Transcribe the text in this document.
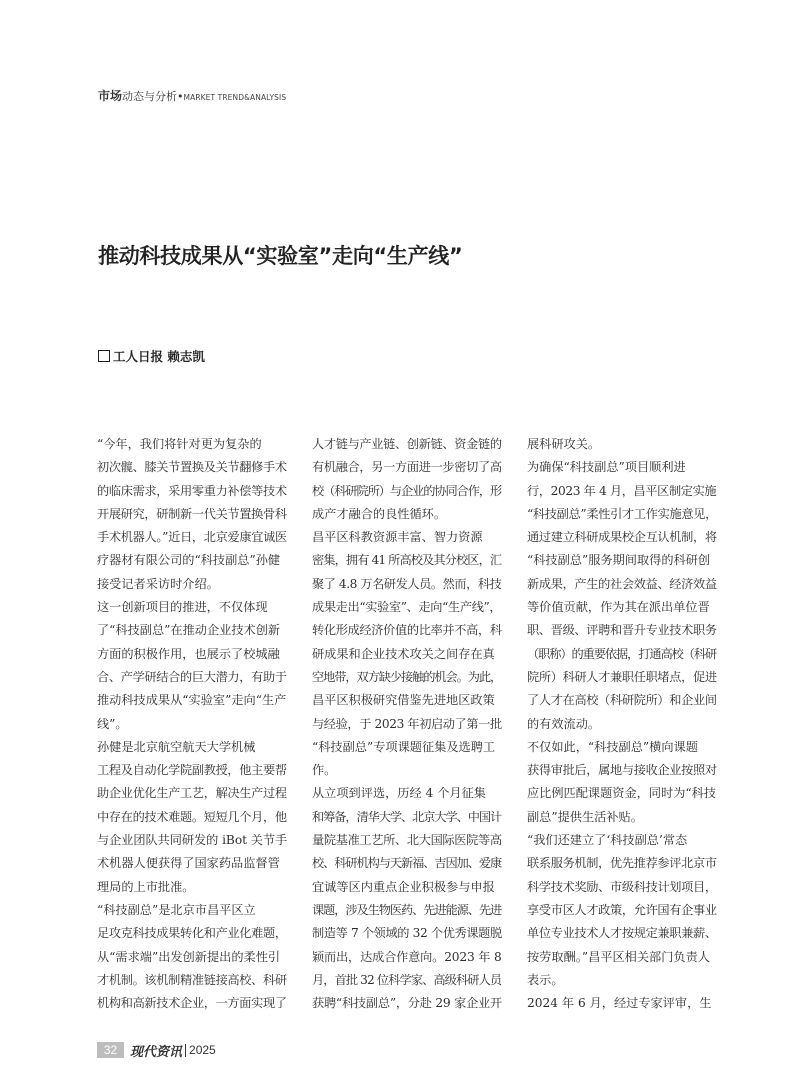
市场动态与分析•MARKET TREND&ANALYSIS
推动科技成果从“实验室”走向“生产线”
工人日报 赖志凯
“今年，我们将针对更为复杂的
初次髋、膝关节置换及关节翻修手术
的临床需求，采用零重力补偿等技术
开展研究，研制新一代关节置换骨科
手术机器人。”近日，北京爱康宜诚医
疗器材有限公司的“科技副总”孙健
接受记者采访时介绍。
这一创新项目的推进，不仅体现
了“科技副总”在推动企业技术创新
方面的积极作用，也展示了校城融
合、产学研结合的巨大潜力，有助于
推动科技成果从“实验室”走向“生产
线”。
孙健是北京航空航天大学机械
工程及自动化学院副教授，他主要帮
助企业优化生产工艺，解决生产过程
中存在的技术难题。短短几个月，他
与企业团队共同研发的 iBot 关节手
术机器人便获得了国家药品监督管
理局的上市批准。
“科技副总”是北京市昌平区立
足攻克科技成果转化和产业化难题，
从“需求端”出发创新提出的柔性引
才机制。该机制精准链接高校、科研
机构和高新技术企业，一方面实现了
人才链与产业链、创新链、资金链的
有机融合，另一方面进一步密切了高
校（科研院所）与企业的协同合作，形
成产才融合的良性循环。
昌平区科教资源丰富、智力资源
密集，拥有 41 所高校及其分校区，汇
聚了 4.8 万名研发人员。然而，科技
成果走出“实验室”、走向“生产线”，
转化形成经济价值的比率并不高，科
研成果和企业技术攻关之间存在真
空地带，双方缺少接触的机会。为此，
昌平区积极研究借鉴先进地区政策
与经验，于 2023 年初启动了第一批
“科技副总”专项课题征集及选聘工
作。
从立项到评选，历经 4 个月征集
和筹备，清华大学、北京大学、中国计
量院基准工艺所、北大国际医院等高
校、科研机构与天新福、吉因加、爱康
宜诚等区内重点企业积极参与申报
课题，涉及生物医药、先进能源、先进
制造等 7 个领域的 32 个优秀课题脱
颖而出，达成合作意向。2023 年 8
月，首批 32 位科学家、高级科研人员
获聘“科技副总”，分赴 29 家企业开
展科研攻关。
为确保“科技副总”项目顺利进
行，2023 年 4 月，昌平区制定实施
“科技副总”柔性引才工作实施意见，
通过建立科研成果校企互认机制，将
“科技副总”服务期间取得的科研创
新成果，产生的社会效益、经济效益
等价值贡献，作为其在派出单位晋
职、晋级、评聘和晋升专业技术职务
（职称）的重要依据，打通高校（科研
院所）科研人才兼职任职堵点，促进
了人才在高校（科研院所）和企业间
的有效流动。
不仅如此，“科技副总”横向课题
获得审批后，属地与接收企业按照对
应比例匹配课题资金，同时为“科技
副总”提供生活补贴。
“我们还建立了‘科技副总’常态
联系服务机制，优先推荐参评北京市
科学技术奖励、市级科技计划项目，
享受市区人才政策，允许国有企事业
单位专业技术人才按规定兼职兼薪、
按劳取酬。”昌平区相关部门负责人
表示。
2024 年 6 月，经过专家评审，生
32 现代资讯 2025
